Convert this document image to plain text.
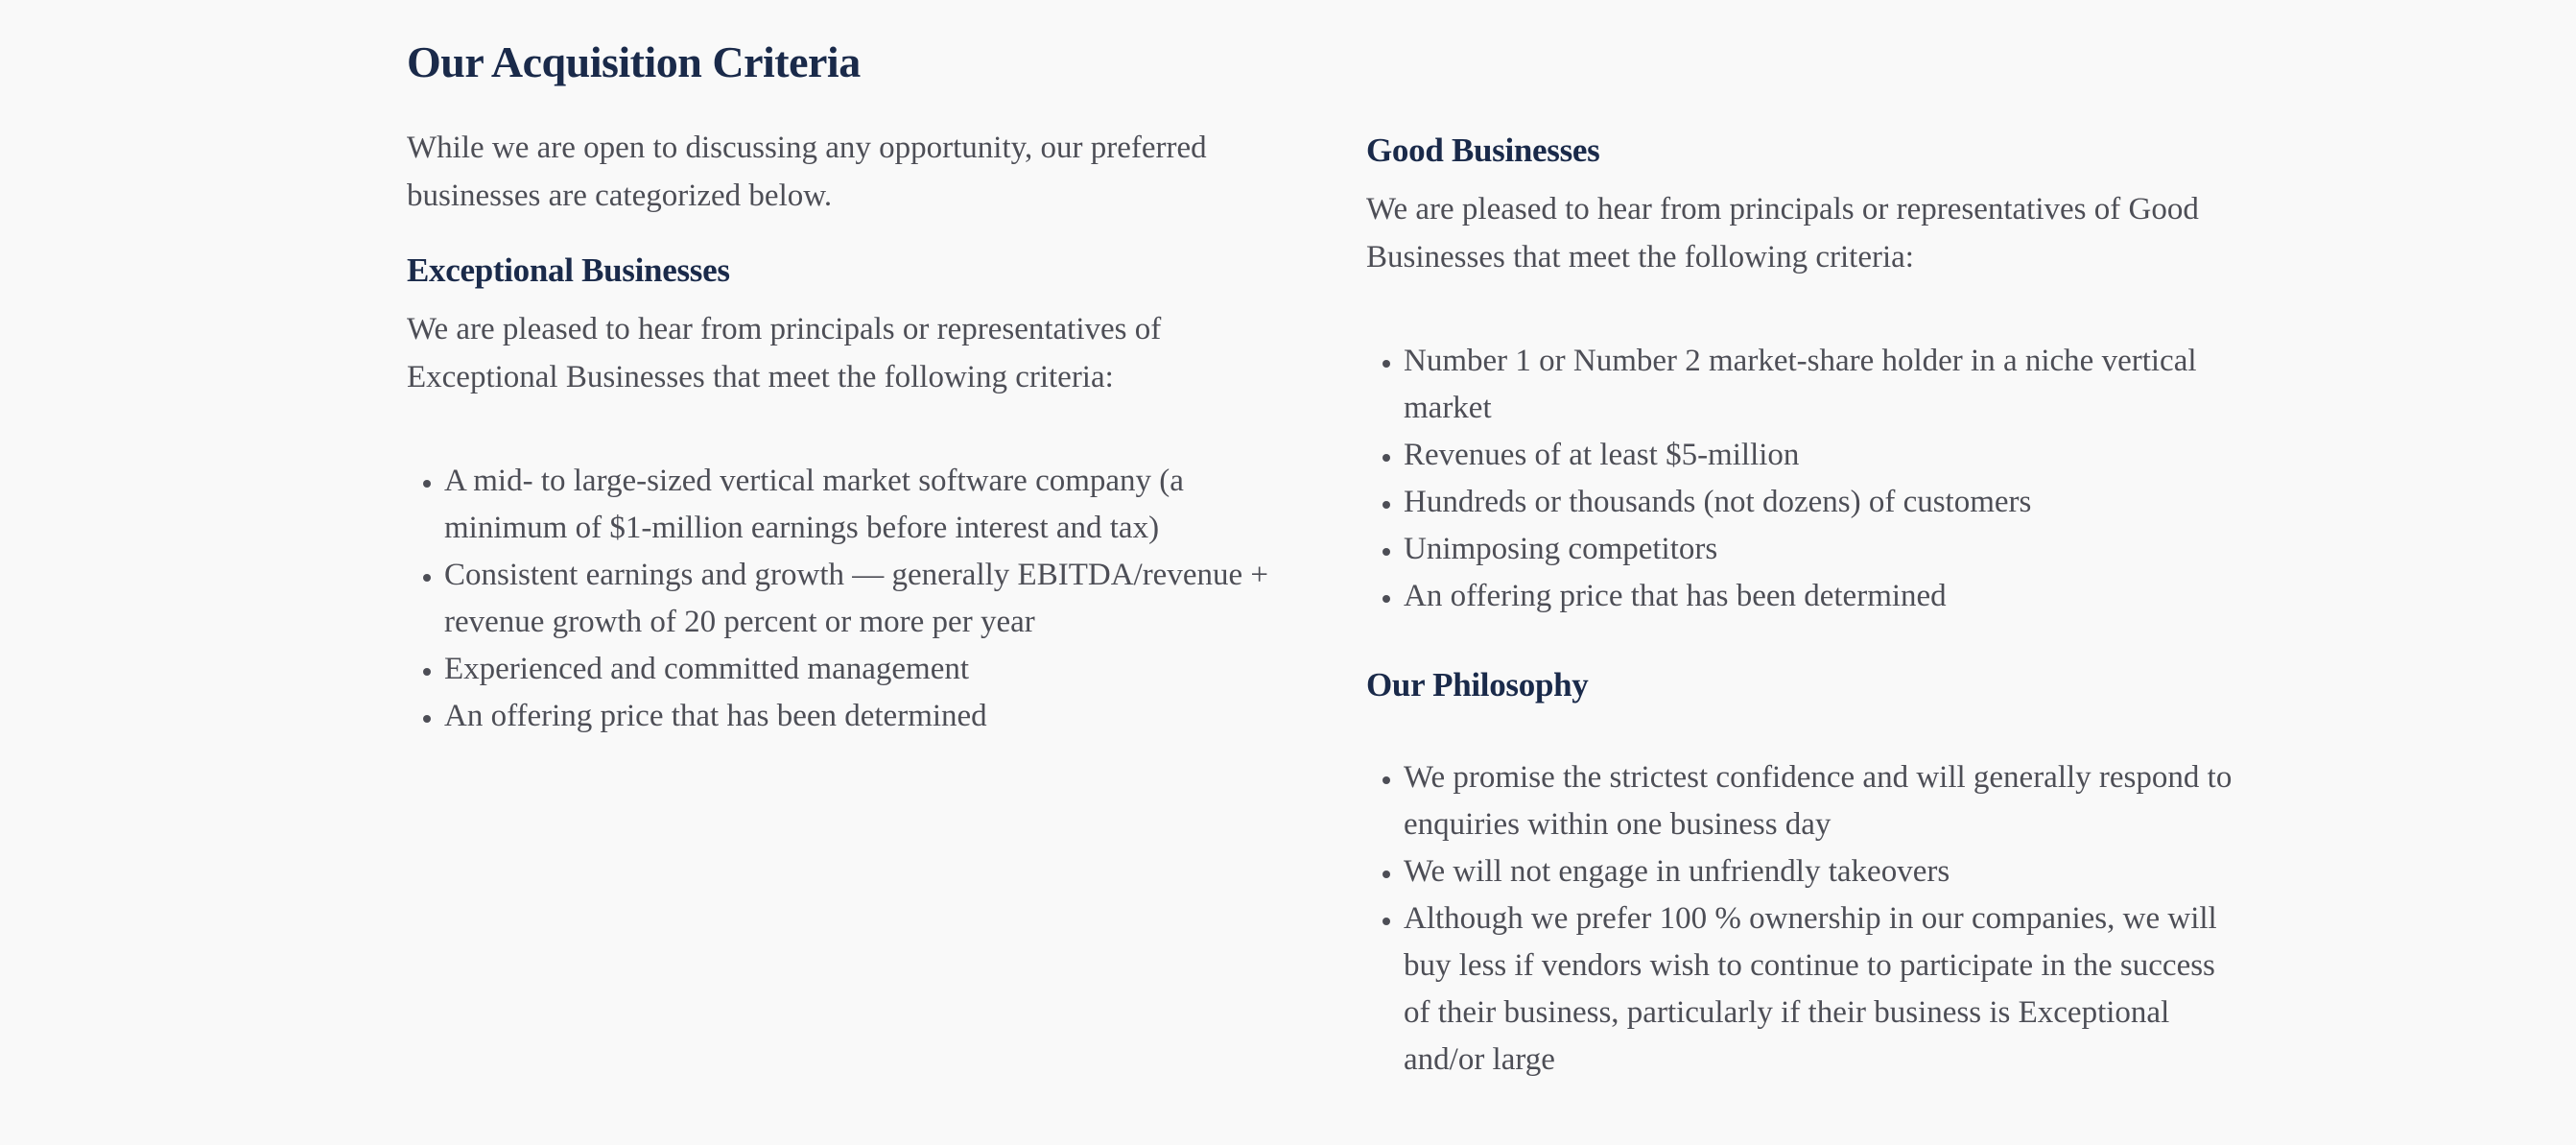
Our Acquisition Criteria

While we are open to discussing any opportunity, our preferred businesses are categorized below.

Exceptional Businesses

We are pleased to hear from principals or representatives of Exceptional Businesses that meet the following criteria:

• A mid- to large-sized vertical market software company (a minimum of $1-million earnings before interest and tax)
• Consistent earnings and growth — generally EBITDA/revenue + revenue growth of 20 percent or more per year
• Experienced and committed management
• An offering price that has been determined
Good Businesses

We are pleased to hear from principals or representatives of Good Businesses that meet the following criteria:

• Number 1 or Number 2 market-share holder in a niche vertical market
• Revenues of at least $5-million
• Hundreds or thousands (not dozens) of customers
• Unimposing competitors
• An offering price that has been determined
Our Philosophy
• We promise the strictest confidence and will generally respond to enquiries within one business day
• We will not engage in unfriendly takeovers
• Although we prefer 100 % ownership in our companies, we will buy less if vendors wish to continue to participate in the success of their business, particularly if their business is Exceptional and/or large
